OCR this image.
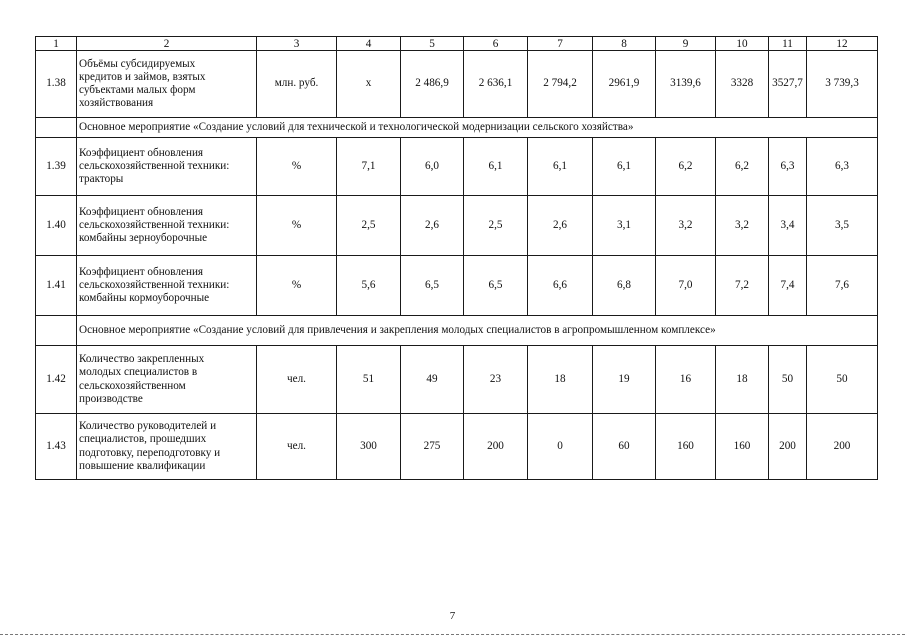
1	2	3	4	5	6	7	8	9	10	11	12
1.38	Объёмы субсидируемых
кредитов и займов, взятых
субъектами малых форм
хозяйствования	млн. руб.	х	2 486,9	2 636,1	2 794,2	2961,9	3139,6	3328	3527,7	3 739,3
	Основное мероприятие «Создание условий для технической и технологической модернизации сельского хозяйства»										
1.39	Коэффициент обновления
сельскохозяйственной техники:
тракторы	%	7,1	6,0	6,1	6,1	6,1	6,2	6,2	6,3	6,3
1.40	Коэффициент обновления
сельскохозяйственной техники:
комбайны зерноуборочные	%	2,5	2,6	2,5	2,6	3,1	3,2	3,2	3,4	3,5
1.41	Коэффициент обновления
сельскохозяйственной техники:
комбайны кормоуборочные	%	5,6	6,5	6,5	6,6	6,8	7,0	7,2	7,4	7,6
	Основное мероприятие «Создание условий для привлечения и закрепления молодых специалистов в агропромышленном комплексе»										
1.42	Количество закрепленных
молодых специалистов в
сельскохозяйственном
производстве	чел.	51	49	23	18	19	16	18	50	50
1.43	Количество руководителей и
специалистов, прошедших
подготовку, переподготовку и
повышение квалификации	чел.	300	275	200	0	60	160	160	200	200
7
